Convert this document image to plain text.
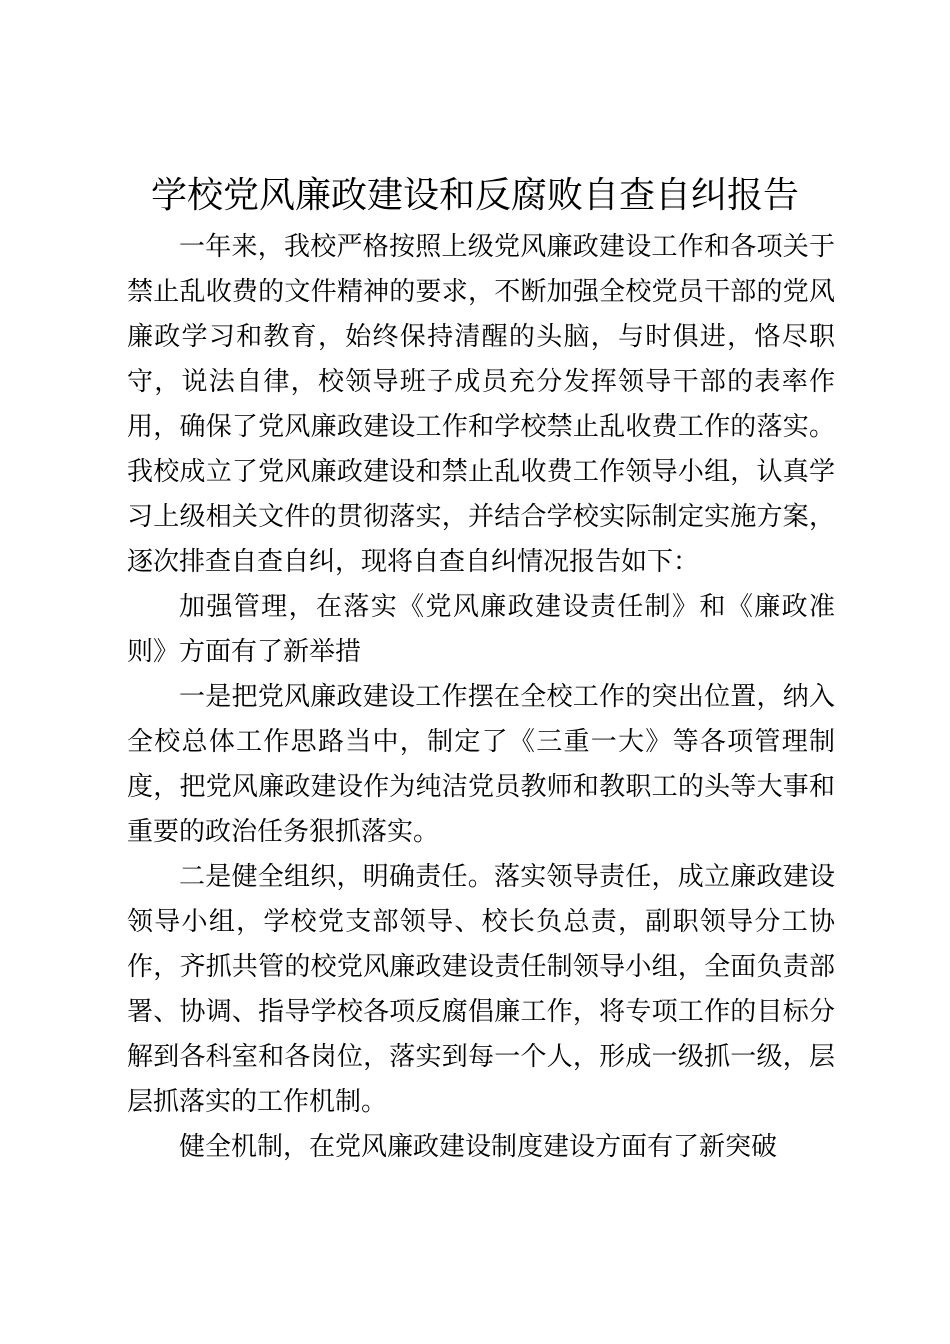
学校党风廉政建设和反腐败自查自纠报告

一年来，我校严格按照上级党风廉政建设工作和各项关于禁止乱收费的文件精神的要求，不断加强全校党员干部的党风廉政学习和教育，始终保持清醒的头脑，与时俱进，恪尽职守，说法自律，校领导班子成员充分发挥领导干部的表率作用，确保了党风廉政建设工作和学校禁止乱收费工作的落实。我校成立了党风廉政建设和禁止乱收费工作领导小组，认真学习上级相关文件的贯彻落实，并结合学校实际制定实施方案，逐次排查自查自纠，现将自查自纠情况报告如下：

加强管理，在落实《党风廉政建设责任制》和《廉政准则》方面有了新举措

一是把党风廉政建设工作摆在全校工作的突出位置，纳入全校总体工作思路当中，制定了《三重一大》等各项管理制度，把党风廉政建设作为纯洁党员教师和教职工的头等大事和重要的政治任务狠抓落实。

二是健全组织，明确责任。落实领导责任，成立廉政建设领导小组，学校党支部领导、校长负总责，副职领导分工协作，齐抓共管的校党风廉政建设责任制领导小组，全面负责部署、协调、指导学校各项反腐倡廉工作，将专项工作的目标分解到各科室和各岗位，落实到每一个人，形成一级抓一级，层层抓落实的工作机制。

健全机制，在党风廉政建设制度建设方面有了新突破
